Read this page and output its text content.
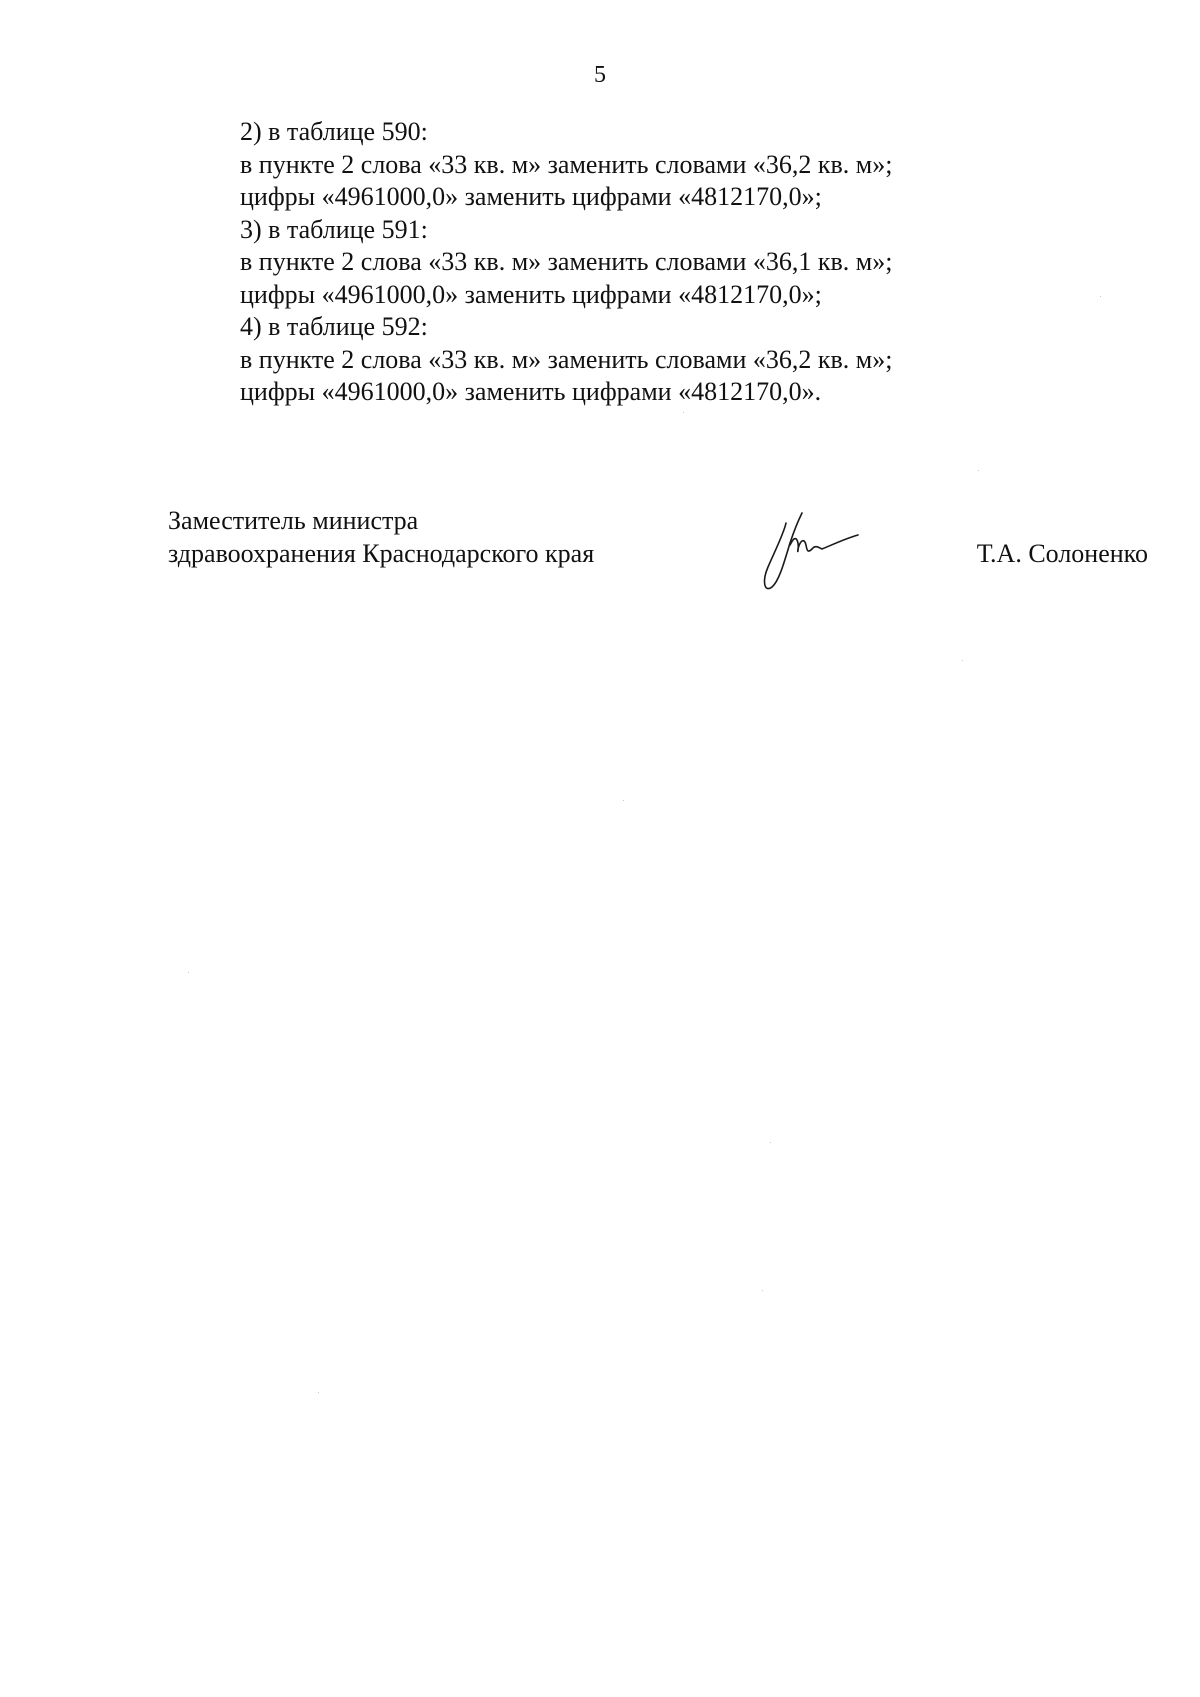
5
2) в таблице 590:
в пункте 2 слова «33 кв. м» заменить словами «36,2 кв. м»;
цифры «4961000,0» заменить цифрами «4812170,0»;
3) в таблице 591:
в пункте 2 слова «33 кв. м» заменить словами «36,1 кв. м»;
цифры «4961000,0» заменить цифрами «4812170,0»;
4) в таблице 592:
в пункте 2 слова «33 кв. м» заменить словами «36,2 кв. м»;
цифры «4961000,0» заменить цифрами «4812170,0».
Заместитель министра
здравоохранения Краснодарского края	Т.А. Солоненко
